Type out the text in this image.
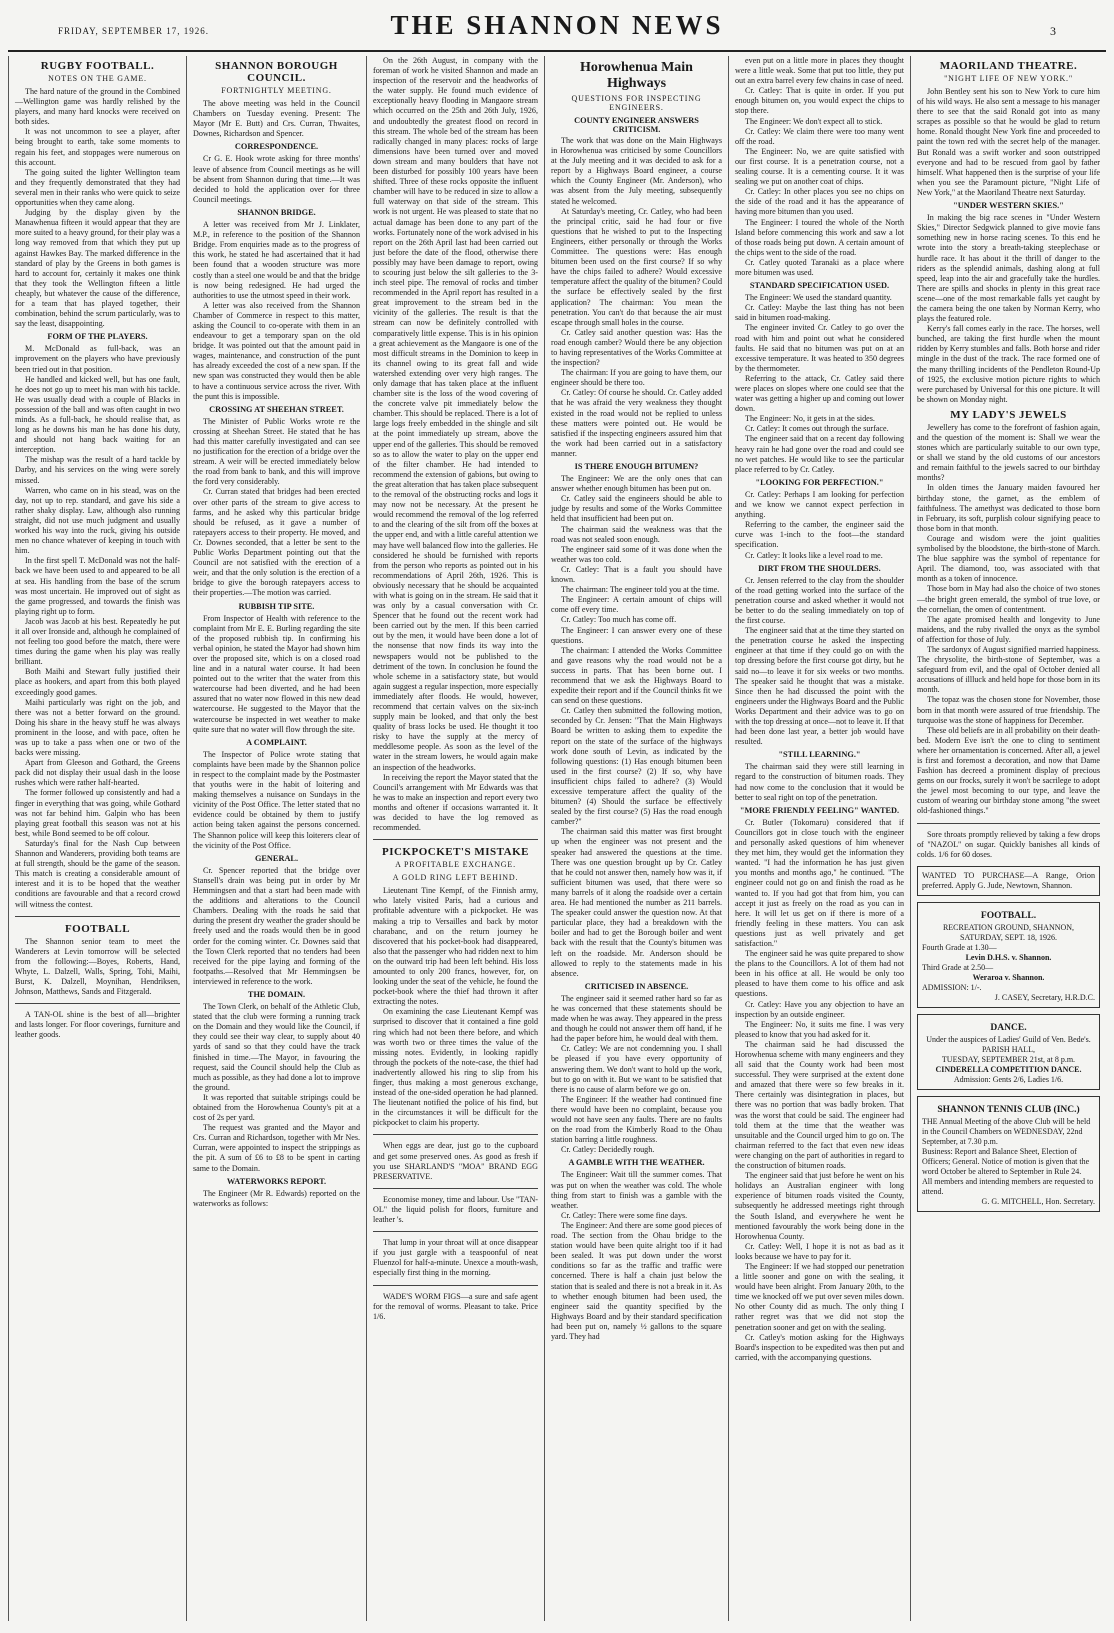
FRIDAY, SEPTEMBER 17, 1926.	THE SHANNON NEWS	3
RUGBY FOOTBALL.
NOTES ON THE GAME.

The hard nature of the ground in the Combined—Wellington game was hardly relished by the players, and many hard knocks were received on both sides.

It was not uncommon to see a player, after being brought to earth, take some moments to regain his feet, and stoppages were numerous on this account.

The going suited the lighter Wellington team and they frequently demonstrated that they had several men in their ranks who were quick to seize opportunities when they came along.

Judging by the display given by the Manawhenua fifteen it would appear that they are more suited to a heavy ground, for their play was a long way removed from that which they put up against Hawkes Bay. The marked difference in the standard of play by the Greens in both games is hard to account for, certainly it makes one think that they took the Wellington fifteen a little cheaply, but whatever the cause of the difference, for a team that has played together, their combination, behind the scrum particularly, was to say the least, disappointing.

FORM OF THE PLAYERS.

M. McDonald as full-back, was an improvement on the players who have previously been tried out in that position.

He handled and kicked well, but has one fault, he does not go up to meet his man with his tackle. He was usually dead with a couple of Blacks in possession of the ball and was often caught in two minds. As a full-back, he should realise that, as long as he downs his man he has done his duty, and should not hang back waiting for an interception.

The mishap was the result of a hard tackle by Darby, and his services on the wing were sorely missed.

Warren, who came on in his stead, was on the day, not up to rep. standard, and gave his side a rather shaky display. Law, although also running straight, did not use much judgment and usually worked his way into the ruck, giving his outside men no chance whatever of keeping in touch with him.

In the first spell T. McDonald was not the half-back we have been used to and appeared to be all at sea. His handling from the base of the scrum was most uncertain. He improved out of sight as the game progressed, and towards the finish was playing right up to form.

Jacob was Jacob at his best. Repeatedly he put it all over Ironside and, although he complained of not feeling too good before the match, there were times during the game when his play was really brilliant.

Both Maihi and Stewart fully justified their place as hookers, and apart from this both played exceedingly good games.

Maihi particularly was right on the job, and there was not a better forward on the ground. Doing his share in the heavy stuff he was always prominent in the loose, and with pace, often he was up to take a pass when one or two of the backs were missing.

Apart from Gleeson and Gothard, the Greens pack did not display their usual dash in the loose rushes which were rather half-hearted.

The former followed up consistently and had a finger in everything that was going, while Gothard was not far behind him. Galpin who has been playing great football this season was not at his best, while Bond seemed to be off colour.

Saturday's final for the Nash Cup between Shannon and Wanderers, providing both teams are at full strength, should be the game of the season. This match is creating a considerable amount of interest and it is to be hoped that the weather conditions are favourable and that a record crowd will witness the contest.

FOOTBALL

The Shannon senior team to meet the Wanderers at Levin tomorrow will be selected from the following:—Boyes, Roberts, Hand, Whyte, L. Dalzell, Walls, Spring, Tohi, Maihi, Burst, K. Dalzell, Moynihan, Hendriksen, Johnson, Matthews, Sands and Fitzgerald.

A TAN-OL shine is the best of all—brighter and lasts longer. For floor coverings, furniture and leather goods.

SHANNON BOROUGH COUNCIL.
FORTNIGHTLY MEETING.

The above meeting was held in the Council Chambers on Tuesday evening. Present: The Mayor (Mr E. Butt) and Crs. Curran, Thwaites, Downes, Richardson and Spencer.

CORRESPONDENCE.

Cr G. E. Hook wrote asking for three months' leave of absence from Council meetings as he will be absent from Shannon during that time.—It was decided to hold the application over for three Council meetings.

SHANNON BRIDGE.

A letter was received from Mr J. Linklater, M.P., in reference to the position of the Shannon Bridge. From enquiries made as to the progress of this work, he stated he had ascertained that it had been found that a wooden structure was more costly than a steel one would be and that the bridge is now being redesigned. He had urged the authorities to use the utmost speed in their work.

A letter was also received from the Shannon Chamber of Commerce in respect to this matter, asking the Council to co-operate with them in an endeavour to get a temporary span on the old bridge. It was pointed out that the amount paid in wages, maintenance, and construction of the punt has already exceeded the cost of a new span. If the new span was constructed they would then be able to have a continuous service across the river. With the punt this is impossible.

CROSSING AT SHEEHAN STREET.

The Minister of Public Works wrote re the crossing at Sheehan Street. He stated that he has had this matter carefully investigated and can see no justification for the erection of a bridge over the stream. A weir will be erected immediately below the road from bank to bank, and this will improve the ford very considerably.

Cr. Curran stated that bridges had been erected over other parts of the stream to give access to farms, and he asked why this particular bridge should be refused, as it gave a number of ratepayers access to their property. He moved, and Cr. Downes seconded, that a letter be sent to the Public Works Department pointing out that the Council are not satisfied with the erection of a weir, and that the only solution is the erection of a bridge to give the borough ratepayers access to their properties.—The motion was carried.

RUBBISH TIP SITE.

From Inspector of Health with reference to the complaint from Mr E. E. Burling regarding the site of the proposed rubbish tip. In confirming his verbal opinion, he stated the Mayor had shown him over the proposed site, which is on a closed road line and in a natural water course. It had been pointed out to the writer that the water from this watercourse had been diverted, and he had been assured that no water now flowed in this new dead watercourse. He suggested to the Mayor that the watercourse be inspected in wet weather to make quite sure that no water will flow through the site.

A COMPLAINT.

The Inspector of Police wrote stating that complaints have been made by the Shannon police in respect to the complaint made by the Postmaster that youths were in the habit of loitering and making themselves a nuisance on Sundays in the vicinity of the Post Office. The letter stated that no evidence could be obtained by them to justify action being taken against the persons concerned. The Shannon police will keep this loiterers clear of the vicinity of the Post Office.

GENERAL.

Cr. Spencer reported that the bridge over Stansell's drain was being put in order by Mr Hemmingsen and that a start had been made with the additions and alterations to the Council Chambers. Dealing with the roads he said that during the present dry weather the grader should be freely used and the roads would then be in good order for the coming winter. Cr. Downes said that the Town Clerk reported that no tenders had been received for the pipe laying and forming of the footpaths.—Resolved that Mr Hemmingsen be interviewed in reference to the work.

THE DOMAIN.

The Town Clerk, on behalf of the Athletic Club, stated that the club were forming a running track on the Domain and they would like the Council, if they could see their way clear, to supply about 40 yards of sand so that they could have the track finished in time.—The Mayor, in favouring the request, said the Council should help the Club as much as possible, as they had done a lot to improve the ground.

It was reported that suitable stripings could be obtained from the Horowhenua County's pit at a cost of 2s per yard.

The request was granted and the Mayor and Crs. Curran and Richardson, together with Mr Nes. Curran, were appointed to inspect the strippings as the pit. A sum of £6 to £8 to be spent in carting same to the Domain.

WATERWORKS REPORT.

The Engineer (Mr R. Edwards) reported on the waterworks as follows:

On the 26th August, in company with the foreman of work he visited Shannon and made an inspection of the reservoir and the headworks of the water supply. He found much evidence of exceptionally heavy flooding in Mangaore stream which occurred on the 25th and 26th July, 1926, and undoubtedly the greatest flood on record in this stream. The whole bed of the stream has been radically changed in many places: rocks of large dimensions have been turned over and moved down stream and many boulders that have not been disturbed for possibly 100 years have been shifted. Three of these rocks opposite the influent chamber will have to be reduced in size to allow a full waterway on that side of the stream. This work is not urgent. He was pleased to state that no actual damage has been done to any part of the works. Fortunately none of the work advised in his report on the 26th April last had been carried out just before the date of the flood, otherwise there possibly may have been damage to report, owing to scouring just below the silt galleries to the 3-inch steel pipe. The removal of rocks and timber recommended in the April report has resulted in a great improvement to the stream bed in the vicinity of the galleries. The result is that the stream can now be definitely controlled with comparatively little expense. This is in his opinion a great achievement as the Mangaore is one of the most difficult streams in the Dominion to keep in its channel owing to its great fall and wide watershed extending over very high ranges. The only damage that has taken place at the influent chamber site is the loss of the wood covering of the concrete valve pit immediately below the chamber. This should be replaced. There is a lot of large logs freely embedded in the shingle and silt at the point immediately up stream, above the upper end of the galleries. This should be removed so as to allow the water to play on the upper end of the filter chamber. He had intended to recommend the extension of gabions, but owing to the great alteration that has taken place subsequent to the removal of the obstructing rocks and logs it may now not be necessary. At the present he would recommend the removal of the log referred to and the clearing of the silt from off the boxes at the upper end, and with a little careful attention we may have well balanced flow into the galleries. He considered he should be furnished with reports from the person who reports as pointed out in his recommendations of April 26th, 1926. This is obviously necessary that he should be acquainted with what is going on in the stream. He said that it was only by a casual conversation with Cr. Spencer that he found out the recent work had been carried out by the men. If this been carried out by the men, it would have been done a lot of the nonsense that now finds its way into the newspapers would not be published to the detriment of the town. In conclusion he found the whole scheme in a satisfactory state, but would again suggest a regular inspection, more especially immediately after floods. He would, however, recommend that certain valves on the six-inch supply main be looked, and that only the best quality of brass locks be used. He thought it too risky to have the supply at the mercy of meddlesome people. As soon as the level of the water in the stream lowers, he would again make an inspection of the headworks.

In receiving the report the Mayor stated that the Council's arrangement with Mr Edwards was that he was to make an inspection and report every two months and oftener if occasions warranted it. It was decided to have the log removed as recommended.

PICKPOCKET'S MISTAKE
A PROFITABLE EXCHANGE.
A GOLD RING LEFT BEHIND.

Lieutenant Tine Kempf, of the Finnish army, who lately visited Paris, had a curious and profitable adventure with a pickpocket. He was making a trip to Versailles and back by motor charabanc, and on the return journey he discovered that his pocket-book had disappeared, also that the passenger who had ridden next to him on the outward trip had been left behind. His loss amounted to only 200 francs, however, for, on looking under the seat of the vehicle, he found the pocket-book where the thief had thrown it after extracting the notes.

On examining the case Lieutenant Kempf was surprised to discover that it contained a fine gold ring which had not been there before, and which was worth two or three times the value of the missing notes. Evidently, in looking rapidly through the pockets of the note-case, the thief had inadvertently allowed his ring to slip from his finger, thus making a most generous exchange, instead of the one-sided operation he had planned. The lieutenant notified the police of his find, but in the circumstances it will be difficult for the pickpocket to claim his property.

When eggs are dear, just go to the cupboard and get some preserved ones. As good as fresh if you use SHARLAND'S "MOA" BRAND EGG PRESERVATIVE.

Economise money, time and labour. Use "TAN-OL" the liquid polish for floors, furniture and leather 's.

That lump in your throat will at once disappear if you just gargle with a teaspoonful of neat Fluenzol for half-a-minute. Unexce a mouth-wash, especially first thing in the morning.

WADE'S WORM FIGS—a sure and safe agent for the removal of worms. Pleasant to take. Price 1/6.

Horowhenua Main Highways
QUESTIONS FOR INSPECTING ENGINEERS.
COUNTY ENGINEER ANSWERS CRITICISM.

The work that was done on the Main Highways in Horowhenua was criticised by some Councillors at the July meeting and it was decided to ask for a report by a Highways Board engineer, a course which the County Engineer (Mr. Anderson), who was absent from the July meeting, subsequently stated he welcomed.

At Saturday's meeting, Cr. Catley, who had been the principal critic, said he had four or five questions that he wished to put to the Inspecting Engineers, either personally or through the Works Committee. The questions were: Has enough bitumen been used on the first course? If so why have the chips failed to adhere? Would excessive temperature affect the quality of the bitumen? Could the surface be effectively sealed by the first application? The chairman: You mean the penetration. You can't do that because the air must escape through small holes in the course.

Cr. Catley said another question was: Has the road enough camber? Would there be any objection to having representatives of the Works Committee at the inspection?

The chairman: If you are going to have them, our engineer should be there too.

Cr. Catley: Of course he should. Cr. Catley added that he was afraid the very weakness they thought existed in the road would not be replied to unless these matters were pointed out. He would be satisfied if the inspecting engineers assured him that the work had been carried out in a satisfactory manner.

IS THERE ENOUGH BITUMEN?

The Engineer: We are the only ones that can answer whether enough bitumen has been put on.

Cr. Catley said the engineers should be able to judge by results and some of the Works Committee held that insufficient had been put on.

The chairman said the weakness was that the road was not sealed soon enough.

The engineer said some of it was done when the weather was too cold.

Cr. Catley: That is a fault you should have known.

The chairman: The engineer told you at the time.

The Engineer: A certain amount of chips will come off every time.

Cr. Catley: Too much has come off.

The Engineer: I can answer every one of these questions.

The chairman: I attended the Works Committee and gave reasons why the road would not be a success in parts. That has been borne out. I recommend that we ask the Highways Board to expedite their report and if the Council thinks fit we can send on these questions.

Cr. Catley then submitted the following motion, seconded by Cr. Jensen: "That the Main Highways Board be written to asking them to expedite the report on the state of the surface of the highways work done south of Levin, as indicated by the following questions: (1) Has enough bitumen been used in the first course? (2) If so, why have insufficient chips failed to adhere? (3) Would excessive temperature affect the quality of the bitumen? (4) Should the surface be effectively sealed by the first course? (5) Has the road enough camber?"

The chairman said this matter was first brought up when the engineer was not present and the speaker had answered the questions at the time. There was one question brought up by Cr. Catley that he could not answer then, namely how was it, if sufficient bitumen was used, that there were so many barrels of it along the roadside over a certain area. He had mentioned the number as 211 barrels. The speaker could answer the question now. At that particular place, they had a breakdown with the boiler and had to get the Borough boiler and went back with the result that the County's bitumen was left on the roadside. Mr. Anderson should be allowed to reply to the statements made in his absence.

CRITICISED IN ABSENCE.

The engineer said it seemed rather hard so far as he was concerned that these statements should be made when he was away. They appeared in the press and though he could not answer them off hand, if he had the paper before him, he would deal with them.

Cr. Catley: We are not condemning you. I shall be pleased if you have every opportunity of answering them. We don't want to hold up the work, but to go on with it. But we want to be satisfied that there is no cause of alarm before we go on.

The Engineer: If the weather had continued fine there would have been no complaint, because you would not have seen any faults. There are no faults on the road from the Kimberly Road to the Ohau station barring a little roughness.

Cr. Catley: Decidedly rough.

A GAMBLE WITH THE WEATHER.

The Engineer: Wait till the summer comes. That was put on when the weather was cold. The whole thing from start to finish was a gamble with the weather.

Cr. Catley: There were some fine days.

The Engineer: And there are some good pieces of road. The section from the Ohau bridge to the station would have been quite alright too if it had been sealed. It was put down under the worst conditions so far as the traffic and traffic were concerned. There is half a chain just below the station that is sealed and there is not a break in it. As to whether enough bitumen had been used, the engineer said the quantity specified by the Highways Board and by their standard specification had been put on, namely ½ gallons to the square yard. They had

even put on a little more in places they thought were a little weak. Some that put too little, they put out an extra barrel every few chains in case of need.

Cr. Catley: That is quite in order. If you put enough bitumen on, you would expect the chips to stop there.

The Engineer: We don't expect all to stick.

Cr. Catley: We claim there were too many went off the road.

The Engineer: No, we are quite satisfied with our first course. It is a penetration course, not a sealing course. It is a cementing course. It it was sealing we put on another coat of chips.

Cr. Catley: In other places you see no chips on the side of the road and it has the appearance of having more bitumen than you used.

The Engineer: I toured the whole of the North Island before commencing this work and saw a lot of those roads being put down. A certain amount of the chips went to the side of the road.

Cr. Catley quoted Taranaki as a place where more bitumen was used.

STANDARD SPECIFICATION USED.

The Engineer: We used the standard quantity.

Cr. Catley: Maybe the last thing has not been said in bitumen road-making.

The engineer invited Cr. Catley to go over the road with him and point out what he considered faults. He said that no bitumen was put on at an excessive temperature. It was heated to 350 degrees by the thermometer.

Referring to the attack, Cr. Catley said there were places on slopes where one could see that the water was getting a higher up and coming out lower down.

The Engineer: No, it gets in at the sides.

Cr. Catley: It comes out through the surface.

The engineer said that on a recent day following heavy rain he had gone over the road and could see no wet patches. He would like to see the particular place referred to by Cr. Catley.

"LOOKING FOR PERFECTION."

Cr. Catley: Perhaps I am looking for perfection and we know we cannot expect perfection in anything.

Referring to the camber, the engineer said the curve was 1-inch to the foot—the standard specification.

Cr. Catley: It looks like a level road to me.

DIRT FROM THE SHOULDERS.

Cr. Jensen referred to the clay from the shoulder of the road getting worked into the surface of the penetration course and asked whether it would not be better to do the sealing immediately on top of the first course.

The engineer said that at the time they started on the penetration course he asked the inspecting engineer at that time if they could go on with the top dressing before the first course got dirty, but he said no—to leave it for six weeks or two months. The speaker said he thought that was a mistake. Since then he had discussed the point with the engineers under the Highways Board and the Public Works Department and their advice was to go on with the top dressing at once—not to leave it. If that had been done last year, a better job would have resulted.

"STILL LEARNING."

The chairman said they were still learning in regard to the construction of bitumen roads. They had now come to the conclusion that it would be better to seal right on top of the penetration.

"MORE FRIENDLY FEELING" WANTED.

Cr. Butler (Tokomaru) considered that if Councillors got in close touch with the engineer and personally asked questions of him whenever they met him, they would get the information they wanted. "I had the information he has just given you months and months ago," he continued. "The engineer could not go on and finish the road as he wanted to. If you had got that from him, you can accept it just as freely on the road as you can in here. It will let us get on if there is more of a friendly feeling in these matters. You can ask questions just as well privately and get satisfaction."

The engineer said he was quite prepared to show the plans to the Councillors. A lot of them had not been in his office at all. He would be only too pleased to have them come to his office and ask questions.

Cr. Catley: Have you any objection to have an inspection by an outside engineer.

The Engineer: No, it suits me fine. I was very pleased to know that you had asked for it.

The chairman said he had discussed the Horowhenua scheme with many engineers and they all said that the County work had been most successful. They were surprised at the extent done and amazed that there were so few breaks in it. There certainly was disintegration in places, but there was no portion that was badly broken. That was the worst that could be said. The engineer had told them at the time that the weather was unsuitable and the Council urged him to go on. The chairman referred to the fact that even new ideas were changing on the part of authorities in regard to the construction of bitumen roads.

The engineer said that just before he went on his holidays an Australian engineer with long experience of bitumen roads visited the County, subsequently he addressed meetings right through the South Island, and everywhere he went he mentioned favourably the work being done in the Horowhenua County.

Cr. Catley: Well, I hope it is not as bad as it looks because we have to pay for it.

The Engineer: If we had stopped our penetration a little sooner and gone on with the sealing, it would have been alright. From January 20th, to the time we knocked off we put over seven miles down. No other County did as much. The only thing I rather regret was that we did not stop the penetration sooner and get on with the sealing.

Cr. Catley's motion asking for the Highways Board's inspection to be expedited was then put and carried, with the accompanying questions.

MAORILAND THEATRE.
"NIGHT LIFE OF NEW YORK."

John Bentley sent his son to New York to cure him of his wild ways. He also sent a message to his manager there to see that the said Ronald got into as many scrapes as possible so that he would be glad to return home. Ronald thought New York fine and proceeded to paint the town red with the secret help of the manager. But Ronald was a swift worker and soon outstripped everyone and had to be rescued from gaol by father himself. What happened then is the surprise of your life when you see the Paramount picture, "Night Life of New York," at the Maoriland Theatre next Saturday.

"UNDER WESTERN SKIES."

In making the big race scenes in "Under Western Skies," Director Sedgwick planned to give movie fans something new in horse racing scenes. To this end he wrote into the story a breath-taking steeplechase or hurdle race. It has about it the thrill of danger to the riders as the splendid animals, dashing along at full speed, leap into the air and gracefully take the hurdles. There are spills and shocks in plenty in this great race scene—one of the most remarkable falls yet caught by the camera being the one taken by Norman Kerry, who plays the featured role.

Kerry's fall comes early in the race. The horses, well bunched, are taking the first hurdle when the mount ridden by Kerry stumbles and falls. Both horse and rider mingle in the dust of the track. The race formed one of the many thrilling incidents of the Pendleton Round-Up of 1925, the exclusive motion picture rights to which were purchased by Universal for this one picture. It will be shown on Monday night.

MY LADY'S JEWELS

Jewellery has come to the forefront of fashion again, and the question of the moment is: Shall we wear the stones which are particularly suitable to our own type, or shall we stand by the old customs of our ancestors and remain faithful to the jewels sacred to our birthday months?

In olden times the January maiden favoured her birthday stone, the garnet, as the emblem of faithfulness. The amethyst was dedicated to those born in February, its soft, purplish colour signifying peace to those born in that month.

Courage and wisdom were the joint qualities symbolised by the bloodstone, the birth-stone of March. The blue sapphire was the symbol of repentance for April. The diamond, too, was associated with that month as a token of innocence.

Those born in May had also the choice of two stones—the bright green emerald, the symbol of true love, or the cornelian, the omen of contentment.

The agate promised health and longevity to June maidens, and the ruby rivalled the onyx as the symbol of affection for those of July.

The sardonyx of August signified married happiness. The chrysolite, the birth-stone of September, was a safeguard from evil, and the opal of October denied all accusations of illluck and held hope for those born in its month.

The topaz was the chosen stone for November, those born in that month were assured of true friendship. The turquoise was the stone of happiness for December.

These old beliefs are in all probability on their death-bed. Modern Eve isn't the one to cling to sentiment where her ornamentation is concerned. After all, a jewel is first and foremost a decoration, and now that Dame Fashion has decreed a prominent display of precious gems on our frocks, surely it won't be sacrilege to adopt the jewel most becoming to our type, and leave the custom of wearing our birthday stone among "the sweet old-fashioned things."

Sore throats promptly relieved by taking a few drops of "NAZOL" on sugar. Quickly banishes all kinds of colds. 1/6 for 60 doses.

WANTED TO PURCHASE—A Range, Orion preferred. Apply G. Jude, Newtown, Shannon.
FOOTBALL.
RECREATION GROUND, SHANNON, SATURDAY, SEPT. 18, 1926.
Fourth Grade at 1.30—
Levin D.H.S. v. Shannon.
Third Grade at 2.50—
Weraroa v. Shannon.
ADMISSION: 1/-.
J. CASEY, Secretary, H.R.D.C.
DANCE.
Under the auspices of Ladies' Guild of Ven. Bede's.
PARISH HALL,
TUESDAY, SEPTEMBER 21st, at 8 p.m.
CINDERELLA COMPETITION DANCE.
Admission: Gents 2/6, Ladies 1/6.
SHANNON TENNIS CLUB (INC.)
THE Annual Meeting of the above Club will be held in the Council Chambers on WEDNESDAY, 22nd September, at 7.30 p.m.
Business: Report and Balance Sheet, Election of Officers; General. Notice of motion is given that the word October be altered to September in Rule 24.
All members and intending members are requested to attend.
G. G. MITCHELL, Hon. Secretary.
